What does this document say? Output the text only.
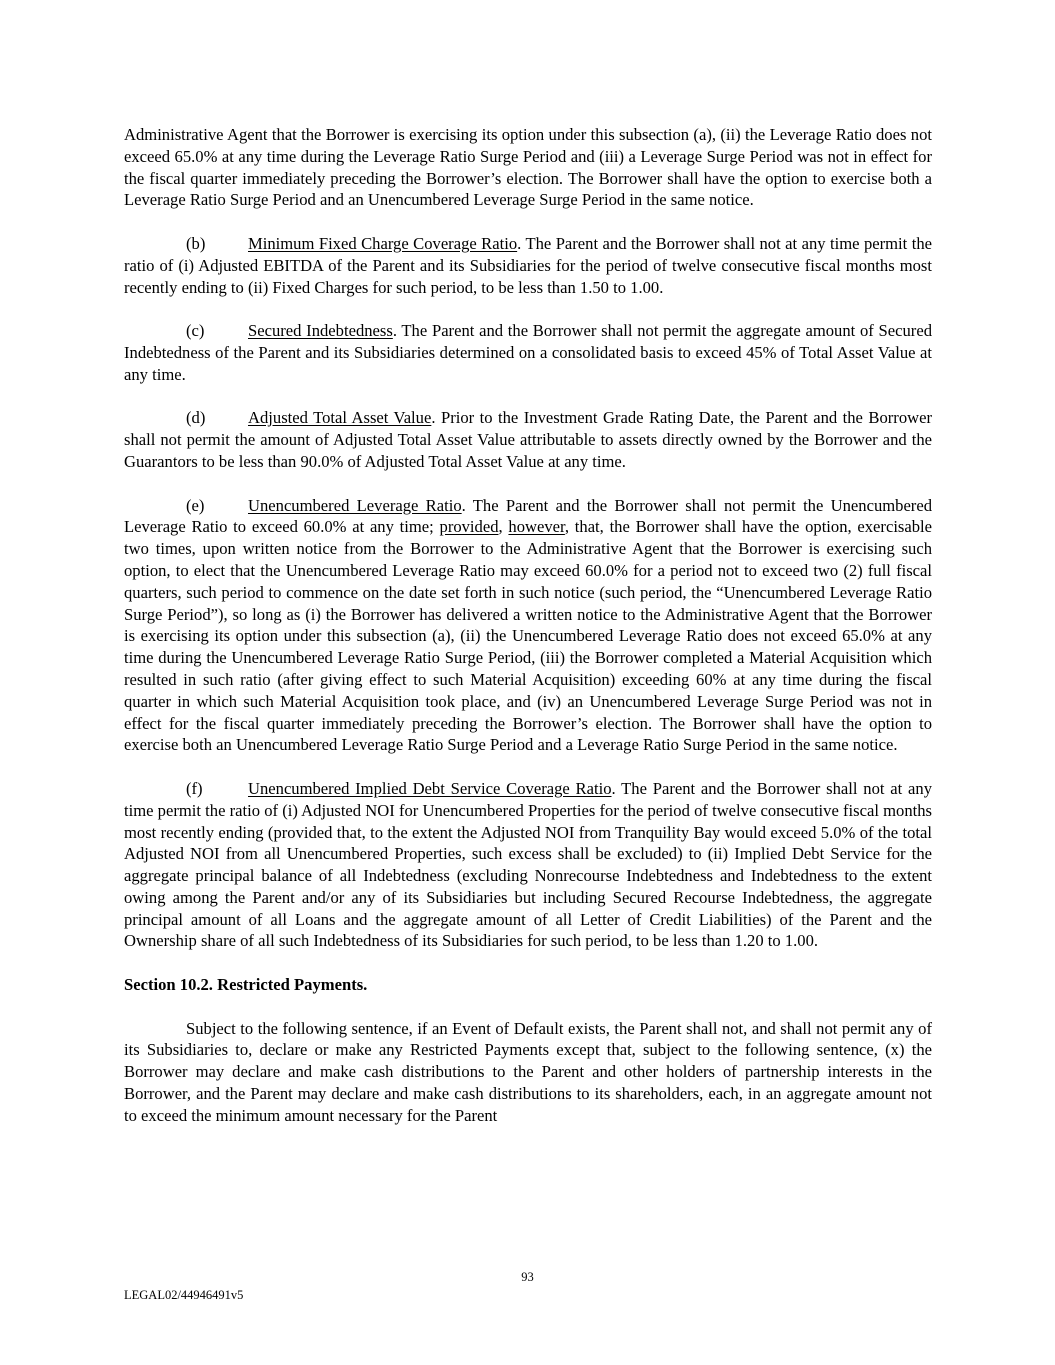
Administrative Agent that the Borrower is exercising its option under this subsection (a), (ii) the Leverage Ratio does not exceed 65.0% at any time during the Leverage Ratio Surge Period and (iii) a Leverage Surge Period was not in effect for the fiscal quarter immediately preceding the Borrower’s election. The Borrower shall have the option to exercise both a Leverage Ratio Surge Period and an Unencumbered Leverage Surge Period in the same notice.

(b)	Minimum Fixed Charge Coverage Ratio. The Parent and the Borrower shall not at any time permit the ratio of (i) Adjusted EBITDA of the Parent and its Subsidiaries for the period of twelve consecutive fiscal months most recently ending to (ii) Fixed Charges for such period, to be less than 1.50 to 1.00.

(c)	Secured Indebtedness. The Parent and the Borrower shall not permit the aggregate amount of Secured Indebtedness of the Parent and its Subsidiaries determined on a consolidated basis to exceed 45% of Total Asset Value at any time.

(d)	Adjusted Total Asset Value. Prior to the Investment Grade Rating Date, the Parent and the Borrower shall not permit the amount of Adjusted Total Asset Value attributable to assets directly owned by the Borrower and the Guarantors to be less than 90.0% of Adjusted Total Asset Value at any time.

(e)	Unencumbered Leverage Ratio. The Parent and the Borrower shall not permit the Unencumbered Leverage Ratio to exceed 60.0% at any time; provided, however, that, the Borrower shall have the option, exercisable two times, upon written notice from the Borrower to the Administrative Agent that the Borrower is exercising such option, to elect that the Unencumbered Leverage Ratio may exceed 60.0% for a period not to exceed two (2) full fiscal quarters, such period to commence on the date set forth in such notice (such period, the “Unencumbered Leverage Ratio Surge Period”), so long as (i) the Borrower has delivered a written notice to the Administrative Agent that the Borrower is exercising its option under this subsection (a), (ii) the Unencumbered Leverage Ratio does not exceed 65.0% at any time during the Unencumbered Leverage Ratio Surge Period, (iii) the Borrower completed a Material Acquisition which resulted in such ratio (after giving effect to such Material Acquisition) exceeding 60% at any time during the fiscal quarter in which such Material Acquisition took place, and (iv) an Unencumbered Leverage Surge Period was not in effect for the fiscal quarter immediately preceding the Borrower’s election. The Borrower shall have the option to exercise both an Unencumbered Leverage Ratio Surge Period and a Leverage Ratio Surge Period in the same notice.

(f)	Unencumbered Implied Debt Service Coverage Ratio. The Parent and the Borrower shall not at any time permit the ratio of (i) Adjusted NOI for Unencumbered Properties for the period of twelve consecutive fiscal months most recently ending (provided that, to the extent the Adjusted NOI from Tranquility Bay would exceed 5.0% of the total Adjusted NOI from all Unencumbered Properties, such excess shall be excluded) to (ii) Implied Debt Service for the aggregate principal balance of all Indebtedness (excluding Nonrecourse Indebtedness and Indebtedness to the extent owing among the Parent and/or any of its Subsidiaries but including Secured Recourse Indebtedness, the aggregate principal amount of all Loans and the aggregate amount of all Letter of Credit Liabilities) of the Parent and the Ownership share of all such Indebtedness of its Subsidiaries for such period, to be less than 1.20 to 1.00.

Section 10.2. Restricted Payments.

Subject to the following sentence, if an Event of Default exists, the Parent shall not, and shall not permit any of its Subsidiaries to, declare or make any Restricted Payments except that, subject to the following sentence, (x) the Borrower may declare and make cash distributions to the Parent and other holders of partnership interests in the Borrower, and the Parent may declare and make cash distributions to its shareholders, each, in an aggregate amount not to exceed the minimum amount necessary for the Parent

93
LEGAL02/44946491v5
